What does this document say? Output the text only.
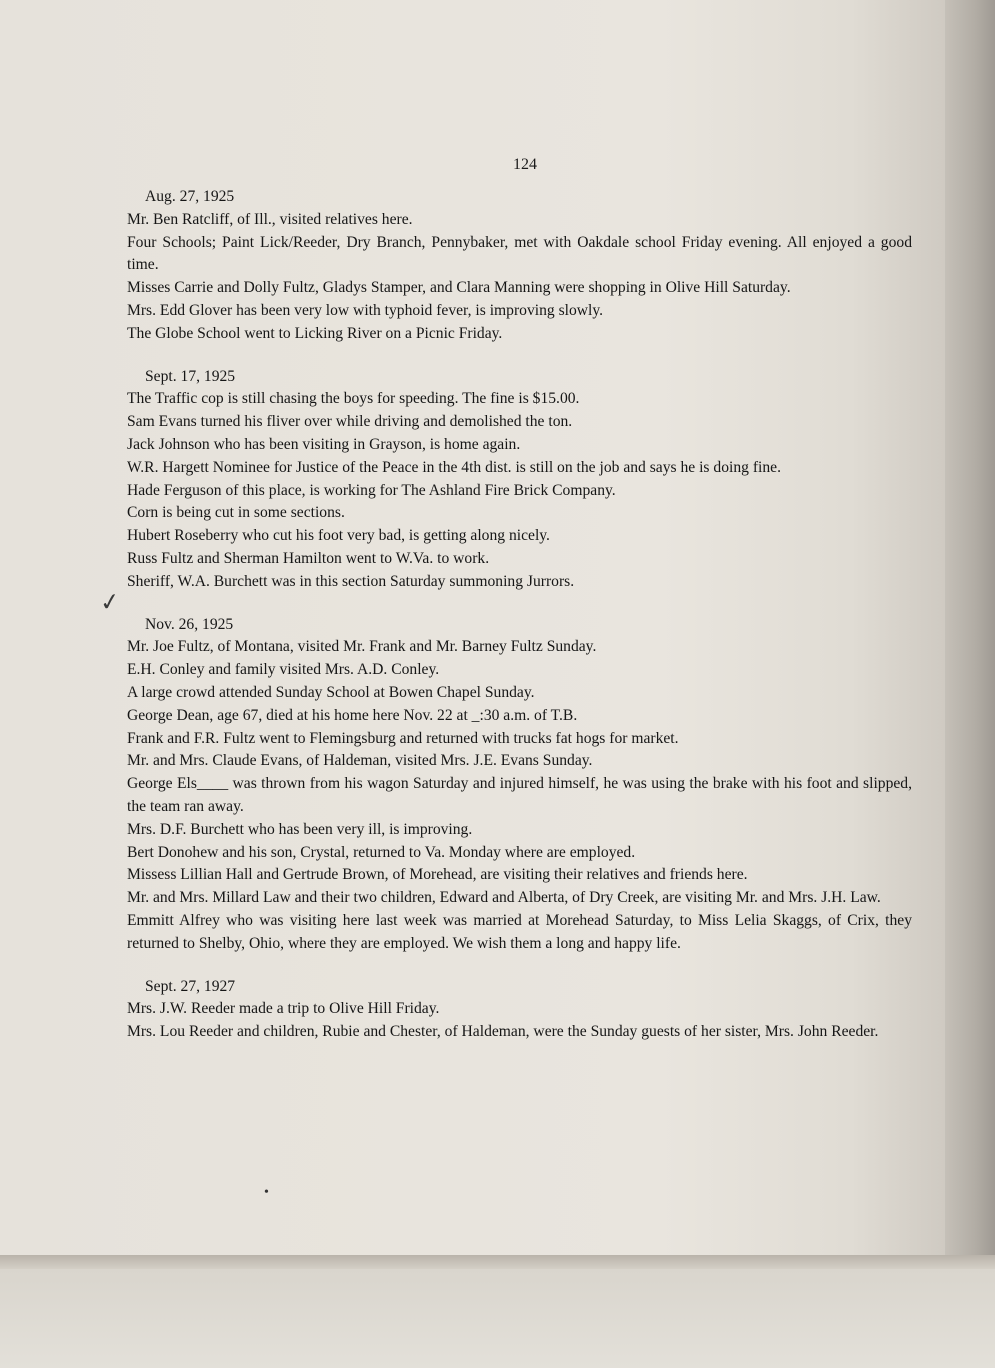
124

Aug. 27, 1925

Mr. Ben Ratcliff, of Ill., visited relatives here.
Four Schools; Paint Lick/Reeder, Dry Branch, Pennybaker, met with Oakdale school Friday evening. All enjoyed a good time.
Misses Carrie and Dolly Fultz, Gladys Stamper, and Clara Manning were shopping in Olive Hill Saturday.
Mrs. Edd Glover has been very low with typhoid fever, is improving slowly.
The Globe School went to Licking River on a Picnic Friday.

Sept. 17, 1925

The Traffic cop is still chasing the boys for speeding. The fine is $15.00.
Sam Evans turned his fliver over while driving and demolished the ton.
Jack Johnson who has been visiting in Grayson, is home again.
W.R. Hargett Nominee for Justice of the Peace in the 4th dist. is still on the job and says he is doing fine.
Hade Ferguson of this place, is working for The Ashland Fire Brick Company.
Corn is being cut in some sections.
Hubert Roseberry who cut his foot very bad, is getting along nicely.
Russ Fultz and Sherman Hamilton went to W.Va. to work.
Sheriff, W.A. Burchett was in this section Saturday summoning Jurrors.

Nov. 26, 1925

Mr. Joe Fultz, of Montana, visited Mr. Frank and Mr. Barney Fultz Sunday.
E.H. Conley and family visited Mrs. A.D. Conley.
A large crowd attended Sunday School at Bowen Chapel Sunday.
George Dean, age 67, died at his home here Nov. 22 at _:30 a.m. of T.B.
Frank and F.R. Fultz went to Flemingsburg and returned with trucks fat hogs for market.
Mr. and Mrs. Claude Evans, of Haldeman, visited Mrs. J.E. Evans Sunday.
George Els____ was thrown from his wagon Saturday and injured himself, he was using the brake with his foot and slipped, the team ran away.
Mrs. D.F. Burchett who has been very ill, is improving.
Bert Donohew and his son, Crystal, returned to Va. Monday where are employed.
Missess Lillian Hall and Gertrude Brown, of Morehead, are visiting their relatives and friends here.
Mr. and Mrs. Millard Law and their two children, Edward and Alberta, of Dry Creek, are visiting Mr. and Mrs. J.H. Law.
Emmitt Alfrey who was visiting here last week was married at Morehead Saturday, to Miss Lelia Skaggs, of Crix, they returned to Shelby, Ohio, where they are employed. We wish them a long and happy life.

Sept. 27, 1927

Mrs. J.W. Reeder made a trip to Olive Hill Friday.
Mrs. Lou Reeder and children, Rubie and Chester, of Haldeman, were the Sunday guests of her sister, Mrs. John Reeder.
✓
•
